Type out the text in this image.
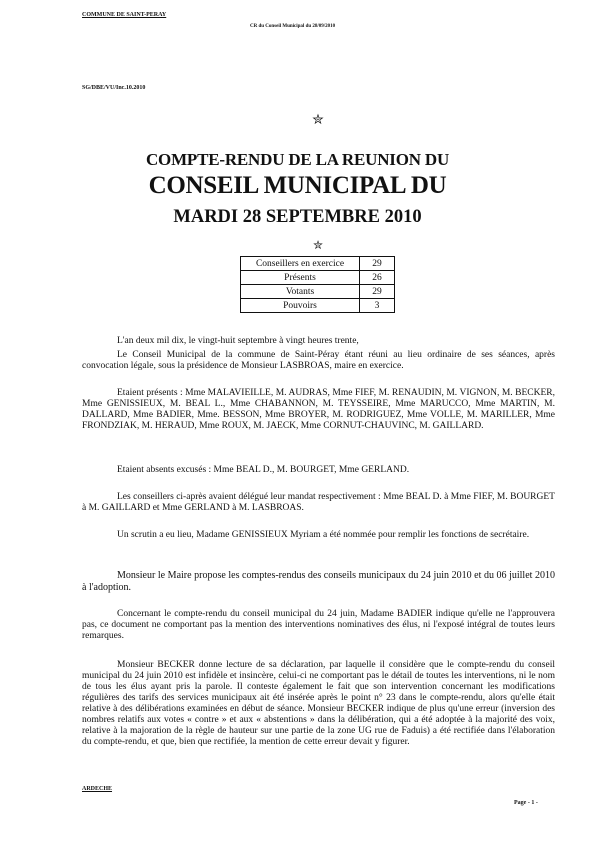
COMMUNE DE SAINT-PERAY
CR du Conseil Municipal du 28/09/2010
SG/DBE/VU/Inc.10.2010
✮
COMPTE-RENDU DE LA REUNION DU
CONSEIL MUNICIPAL DU
MARDI 28 SEPTEMBRE 2010
✮
Conseillers en exercice	29
Présents	26
Votants	29
Pouvoirs	3
L'an deux mil dix, le vingt-huit septembre à vingt heures trente,
Le Conseil Municipal de la commune de Saint-Péray étant réuni au lieu ordinaire de ses séances, après convocation légale, sous la présidence de Monsieur LASBROAS, maire en exercice.
Etaient présents : Mme MALAVIEILLE, M. AUDRAS, Mme FIEF, M. RENAUDIN, M. VIGNON, M. BECKER, Mme GENISSIEUX, M. BEAL L., Mme CHABANNON, M. TEYSSEIRE, Mme MARUCCO, Mme MARTIN, M. DALLARD, Mme BADIER, Mme. BESSON, Mme BROYER, M. RODRIGUEZ, Mme VOLLE, M. MARILLER, Mme FRONDZIAK, M. HERAUD, Mme ROUX, M. JAECK, Mme CORNUT-CHAUVINC, M. GAILLARD.
Etaient absents excusés : Mme BEAL D., M. BOURGET, Mme GERLAND.
Les conseillers ci-après avaient délégué leur mandat respectivement : Mme BEAL D. à Mme FIEF, M. BOURGET à M. GAILLARD et Mme GERLAND à M. LASBROAS.
Un scrutin a eu lieu, Madame GENISSIEUX Myriam a été nommée pour remplir les fonctions de secrétaire.
Monsieur le Maire propose les comptes-rendus des conseils municipaux du 24 juin 2010 et du 06 juillet 2010 à l'adoption.
Concernant le compte-rendu du conseil municipal du 24 juin, Madame BADIER indique qu'elle ne l'approuvera pas, ce document ne comportant pas la mention des interventions nominatives des élus, ni l'exposé intégral de toutes leurs remarques.
Monsieur BECKER donne lecture de sa déclaration, par laquelle il considère que le compte-rendu du conseil municipal du 24 juin 2010 est infidèle et insincère, celui-ci ne comportant pas le détail de toutes les interventions, ni le nom de tous les élus ayant pris la parole. Il conteste également le fait que son intervention concernant les modifications régulières des tarifs des services municipaux ait été insérée après le point n° 23 dans le compte-rendu, alors qu'elle était relative à des délibérations examinées en début de séance. Monsieur BECKER indique de plus qu'une erreur (inversion des nombres relatifs aux votes « contre » et aux « abstentions » dans la délibération, qui a été adoptée à la majorité des voix, relative à la majoration de la règle de hauteur sur une partie de la zone UG rue de Faduis) a été rectifiée dans l'élaboration du compte-rendu, et que, bien que rectifiée, la mention de cette erreur devait y figurer.
ARDECHE
Page - 1 -
